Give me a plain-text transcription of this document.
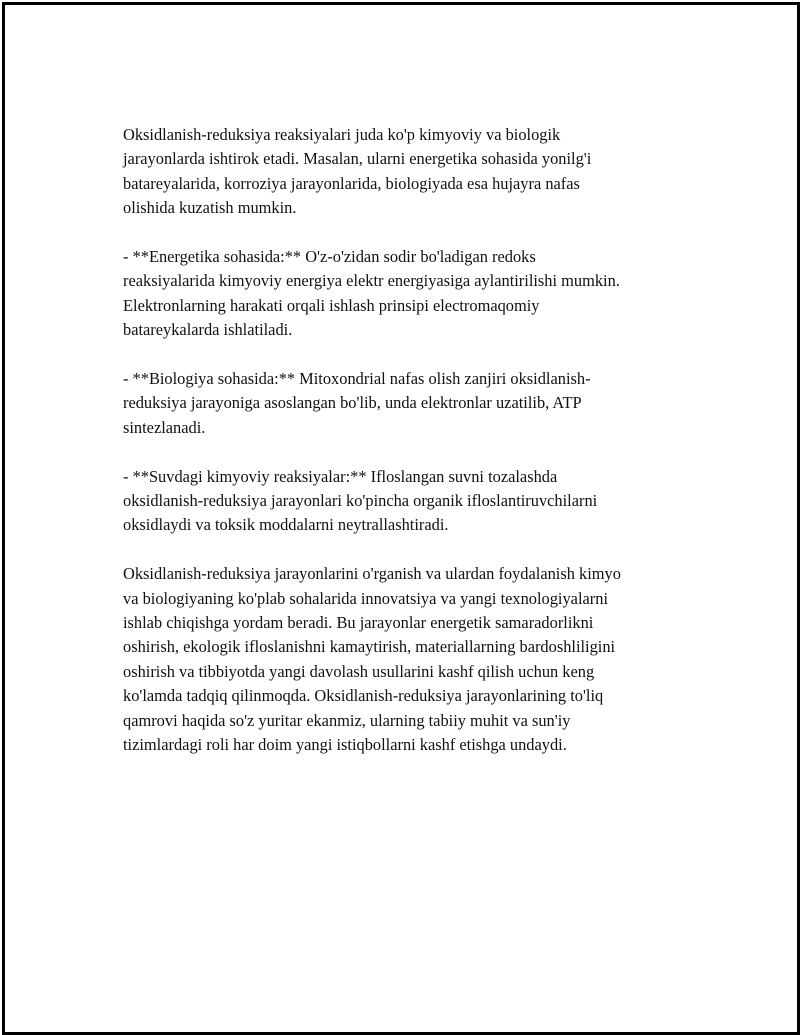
Oksidlanish-reduksiya reaksiyalari juda ko'p kimyoviy va biologik
jarayonlarda ishtirok etadi. Masalan, ularni energetika sohasida yonilg'i
batareyalarida, korroziya jarayonlarida, biologiyada esa hujayra nafas
olishida kuzatish mumkin.

- **Energetika sohasida:** O'z-o'zidan sodir bo'ladigan redoks
reaksiyalarida kimyoviy energiya elektr energiyasiga aylantirilishi mumkin.
Elektronlarning harakati orqali ishlash prinsipi electromaqomiy
batareykalarda ishlatiladi.

- **Biologiya sohasida:** Mitoxondrial nafas olish zanjiri oksidlanish-
reduksiya jarayoniga asoslangan bo'lib, unda elektronlar uzatilib, ATP
sintezlanadi.

- **Suvdagi kimyoviy reaksiyalar:** Ifloslangan suvni tozalashda
oksidlanish-reduksiya jarayonlari ko'pincha organik ifloslantiruvchilarni
oksidlaydi va toksik moddalarni neytrallashtiradi.

Oksidlanish-reduksiya jarayonlarini o'rganish va ulardan foydalanish kimyo
va biologiyaning ko'plab sohalarida innovatsiya va yangi texnologiyalarni
ishlab chiqishga yordam beradi. Bu jarayonlar energetik samaradorlikni
oshirish, ekologik ifloslanishni kamaytirish, materiallarning bardoshliligini
oshirish va tibbiyotda yangi davolash usullarini kashf qilish uchun keng
ko'lamda tadqiq qilinmoqda. Oksidlanish-reduksiya jarayonlarining to'liq
qamrovi haqida so'z yuritar ekanmiz, ularning tabiiy muhit va sun'iy
tizimlardagi roli har doim yangi istiqbollarni kashf etishga undaydi.
